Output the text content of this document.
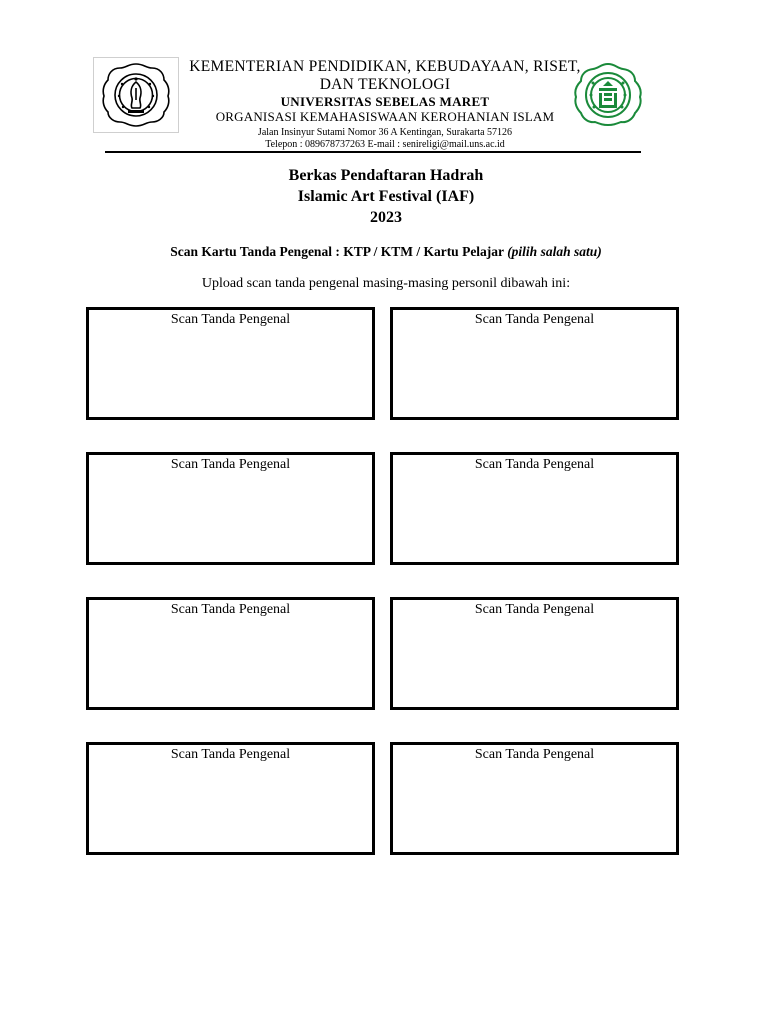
KEMENTERIAN PENDIDIKAN, KEBUDAYAAN, RISET, DAN TEKNOLOGI
UNIVERSITAS SEBELAS MARET
ORGANISASI KEMAHASISWAAN KEROHANIAN ISLAM
Jalan Insinyur Sutami Nomor 36 A Kentingan, Surakarta 57126
Telepon : 089678737263 E-mail : senireligi@mail.uns.ac.id
Berkas Pendaftaran Hadrah
Islamic Art Festival (IAF)
2023
Scan Kartu Tanda Pengenal : KTP / KTM / Kartu Pelajar (pilih salah satu)
Upload scan tanda pengenal masing-masing personil dibawah ini:
Scan Tanda Pengenal	Scan Tanda Pengenal
Scan Tanda Pengenal	Scan Tanda Pengenal
Scan Tanda Pengenal	Scan Tanda Pengenal
Scan Tanda Pengenal	Scan Tanda Pengenal
